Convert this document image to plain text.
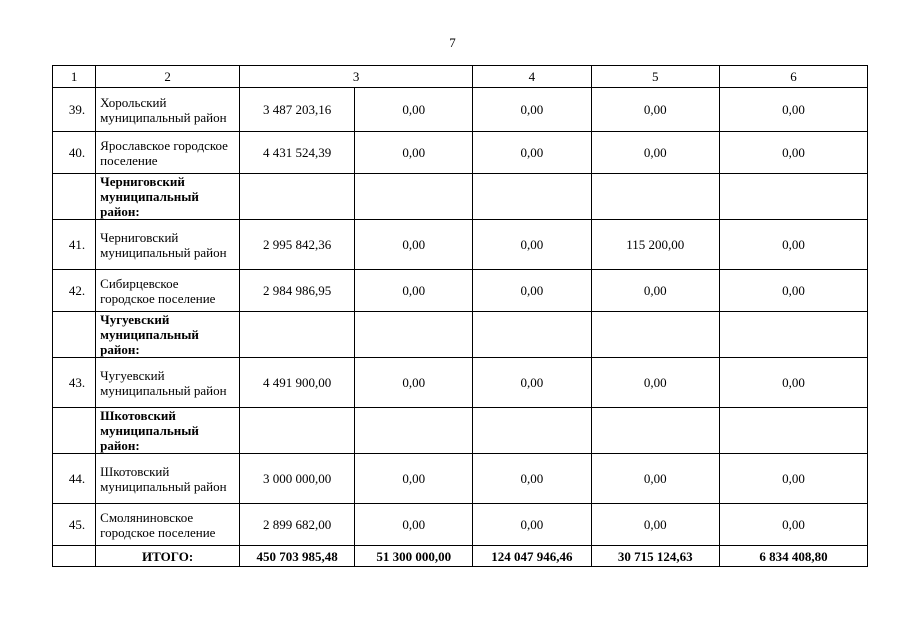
7
1	2	3		4	5	6
39.	Хорольский муниципальный район	3 487 203,16	0,00	0,00	0,00	0,00
40.	Ярославское городское поселение	4 431 524,39	0,00	0,00	0,00	0,00
	Черниговский муниципальный район:					
41.	Черниговский муниципальный район	2 995 842,36	0,00	0,00	115 200,00	0,00
42.	Сибирцевское городское поселение	2 984 986,95	0,00	0,00	0,00	0,00
	Чугуевский муниципальный район:					
43.	Чугуевский муниципальный район	4 491 900,00	0,00	0,00	0,00	0,00
	Шкотовский муниципальный район:					
44.	Шкотовский муниципальный район	3 000 000,00	0,00	0,00	0,00	0,00
45.	Смоляниновское городское поселение	2 899 682,00	0,00	0,00	0,00	0,00
	ИТОГО:	450 703 985,48	51 300 000,00	124 047 946,46	30 715 124,63	6 834 408,80
